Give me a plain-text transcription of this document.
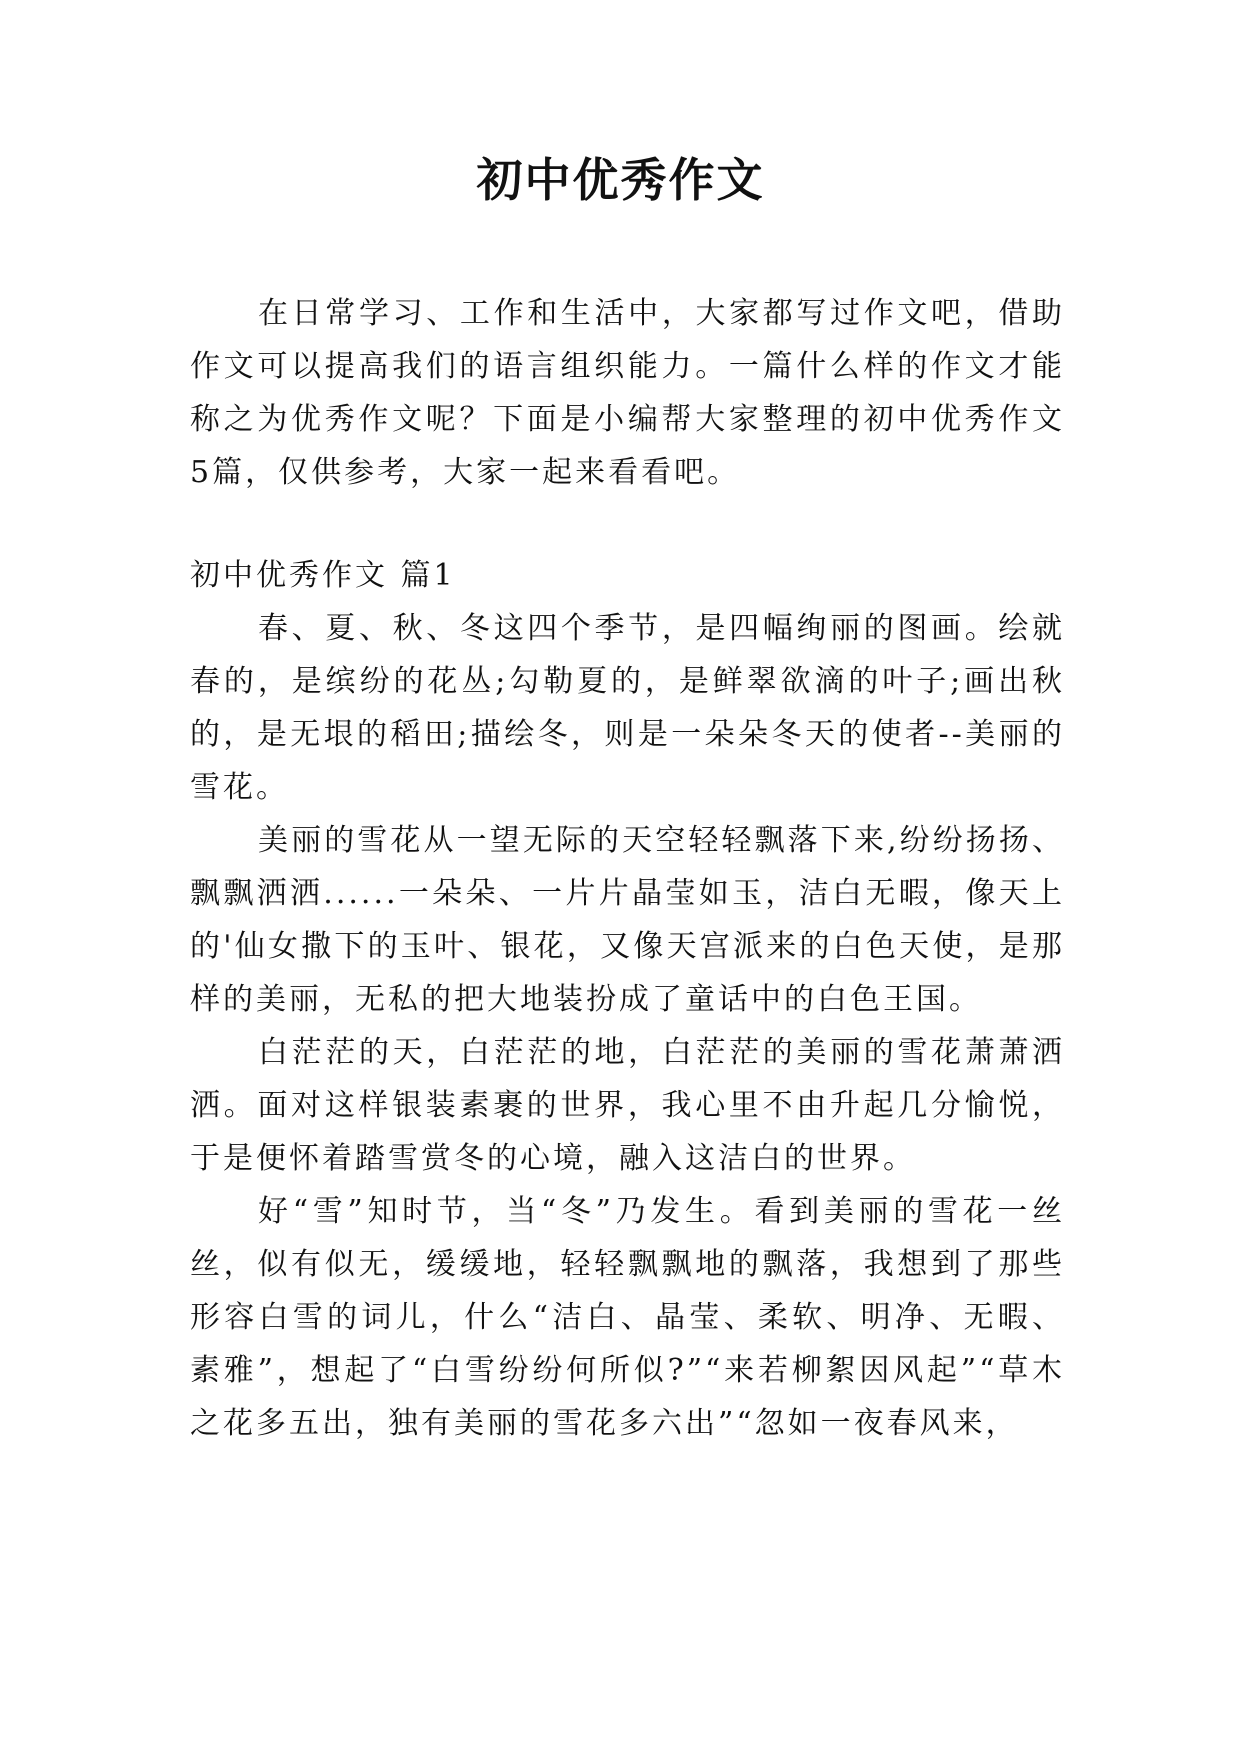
初中优秀作文

在日常学习、工作和生活中，大家都写过作文吧，借助作文可以提高我们的语言组织能力。一篇什么样的作文才能称之为优秀作文呢？下面是小编帮大家整理的初中优秀作文5篇，仅供参考，大家一起来看看吧。

初中优秀作文 篇1

春、夏、秋、冬这四个季节，是四幅绚丽的图画。绘就春的，是缤纷的花丛;勾勒夏的，是鲜翠欲滴的叶子;画出秋的，是无垠的稻田;描绘冬，则是一朵朵冬天的使者--美丽的雪花。

美丽的雪花从一望无际的天空轻轻飘落下来,纷纷扬扬、飘飘洒洒......一朵朵、一片片晶莹如玉，洁白无暇，像天上的'仙女撒下的玉叶、银花，又像天宫派来的白色天使，是那样的美丽，无私的把大地装扮成了童话中的白色王国。

白茫茫的天，白茫茫的地，白茫茫的美丽的雪花萧萧洒洒。面对这样银装素裹的世界，我心里不由升起几分愉悦，于是便怀着踏雪赏冬的心境，融入这洁白的世界。

好“雪”知时节，当“冬”乃发生。看到美丽的雪花一丝丝，似有似无，缓缓地，轻轻飘飘地的飘落，我想到了那些形容白雪的词儿，什么“洁白、晶莹、柔软、明净、无暇、素雅”，想起了“白雪纷纷何所似?”“来若柳絮因风起”“草木之花多五出，独有美丽的雪花多六出”“忽如一夜春风来，
